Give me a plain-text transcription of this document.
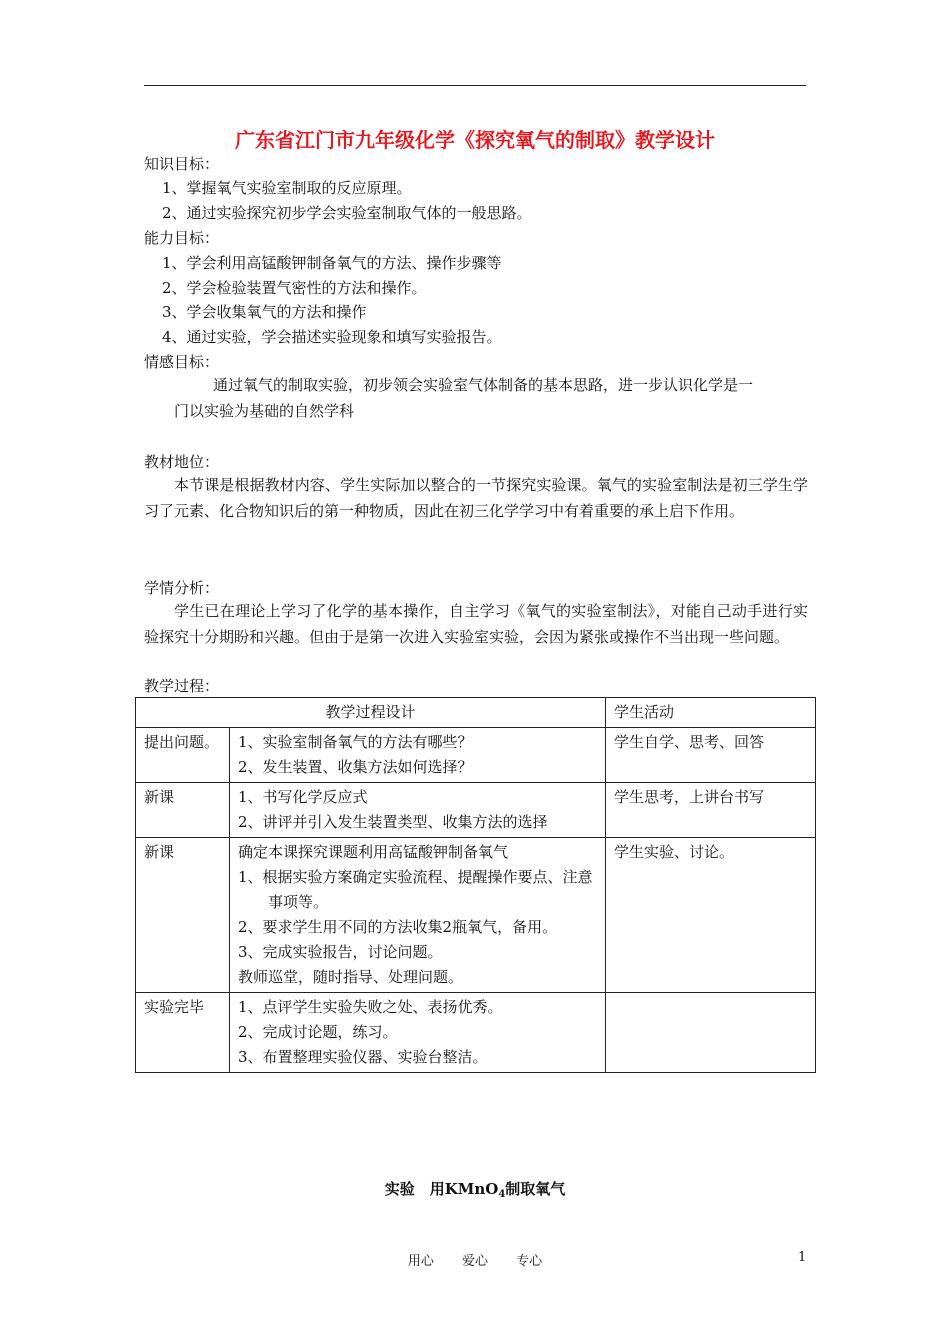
广东省江门市九年级化学《探究氧气的制取》教学设计
知识目标：
1、掌握氧气实验室制取的反应原理。
2、通过实验探究初步学会实验室制取气体的一般思路。
能力目标：
1、学会利用高锰酸钾制备氧气的方法、操作步骤等
2、学会检验装置气密性的方法和操作。
3、学会收集氧气的方法和操作
4、通过实验，学会描述实验现象和填写实验报告。
情感目标：
通过氧气的制取实验，初步领会实验室气体制备的基本思路，进一步认识化学是一
门以实验为基础的自然学科
教材地位：
本节课是根据教材内容、学生实际加以整合的一节探究实验课。氧气的实验室制法是初三学生学习了元素、化合物知识后的第一种物质，因此在初三化学学习中有着重要的承上启下作用。
学情分析：
学生已在理论上学习了化学的基本操作，自主学习《氧气的实验室制法》，对能自己动手进行实验探究十分期盼和兴趣。但由于是第一次进入实验室实验，会因为紧张或操作不当出现一些问题。
教学过程：
教学过程设计		学生活动
提出问题。	1、实验室制备氧气的方法有哪些？
2、发生装置、收集方法如何选择？	学生自学、思考、回答
新课	1、书写化学反应式
2、讲评并引入发生装置类型、收集方法的选择	学生思考，上讲台书写
新课	确定本课探究课题利用高锰酸钾制备氧气
1、根据实验方案确定实验流程、提醒操作要点、注意事项等。
2、要求学生用不同的方法收集2瓶氧气，备用。
3、完成实验报告，讨论问题。
教师巡堂，随时指导、处理问题。	学生实验、讨论。
实验完毕	1、点评学生实验失败之处、表扬优秀。
2、完成讨论题，练习。
3、布置整理实验仪器、实验台整洁。	

实验　用KMnO$_4$制取氧气
用心 爱心 专心	1
